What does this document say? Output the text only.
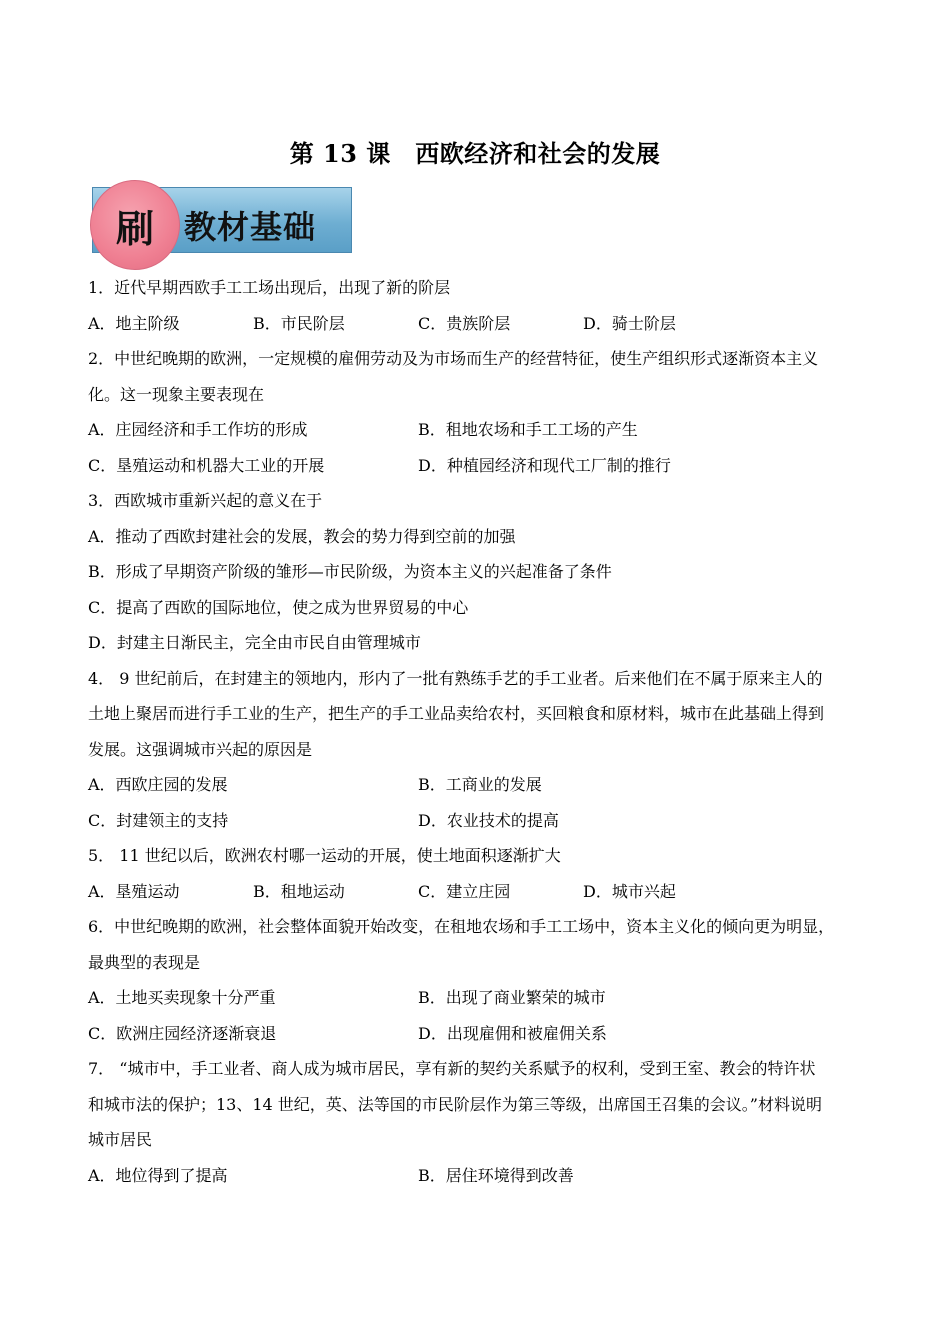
第 13 课　西欧经济和社会的发展
刷 教材基础
1．近代早期西欧手工工场出现后，出现了新的阶层
A．地主阶级	B．市民阶层	C．贵族阶层	D．骑士阶层
2．中世纪晚期的欧洲，一定规模的雇佣劳动及为市场而生产的经营特征，使生产组织形式逐渐资本主义
化。这一现象主要表现在
A．庄园经济和手工作坊的形成	B．租地农场和手工工场的产生
C．垦殖运动和机器大工业的开展	D．种植园经济和现代工厂制的推行
3．西欧城市重新兴起的意义在于
A．推动了西欧封建社会的发展，教会的势力得到空前的加强
B．形成了早期资产阶级的雏形—市民阶级，为资本主义的兴起准备了条件
C．提高了西欧的国际地位，使之成为世界贸易的中心
D．封建主日渐民主，完全由市民自由管理城市
4． 9 世纪前后，在封建主的领地内，形内了一批有熟练手艺的手工业者。后来他们在不属于原来主人的
土地上聚居而进行手工业的生产，把生产的手工业品卖给农村，买回粮食和原材料，城市在此基础上得到
发展。这强调城市兴起的原因是
A．西欧庄园的发展	B．工商业的发展
C．封建领主的支持	D．农业技术的提高
5． 11 世纪以后，欧洲农村哪一运动的开展，使土地面积逐渐扩大
A．垦殖运动	B．租地运动	C．建立庄园	D．城市兴起
6．中世纪晚期的欧洲，社会整体面貌开始改变，在租地农场和手工工场中，资本主义化的倾向更为明显，
最典型的表现是
A．土地买卖现象十分严重	B．出现了商业繁荣的城市
C．欧洲庄园经济逐渐衰退	D．出现雇佣和被雇佣关系
7． “城市中，手工业者、商人成为城市居民，享有新的契约关系赋予的权利，受到王室、教会的特许状
和城市法的保护；13、14 世纪，英、法等国的市民阶层作为第三等级，出席国王召集的会议。”材料说明
城市居民
A．地位得到了提高	B．居住环境得到改善
